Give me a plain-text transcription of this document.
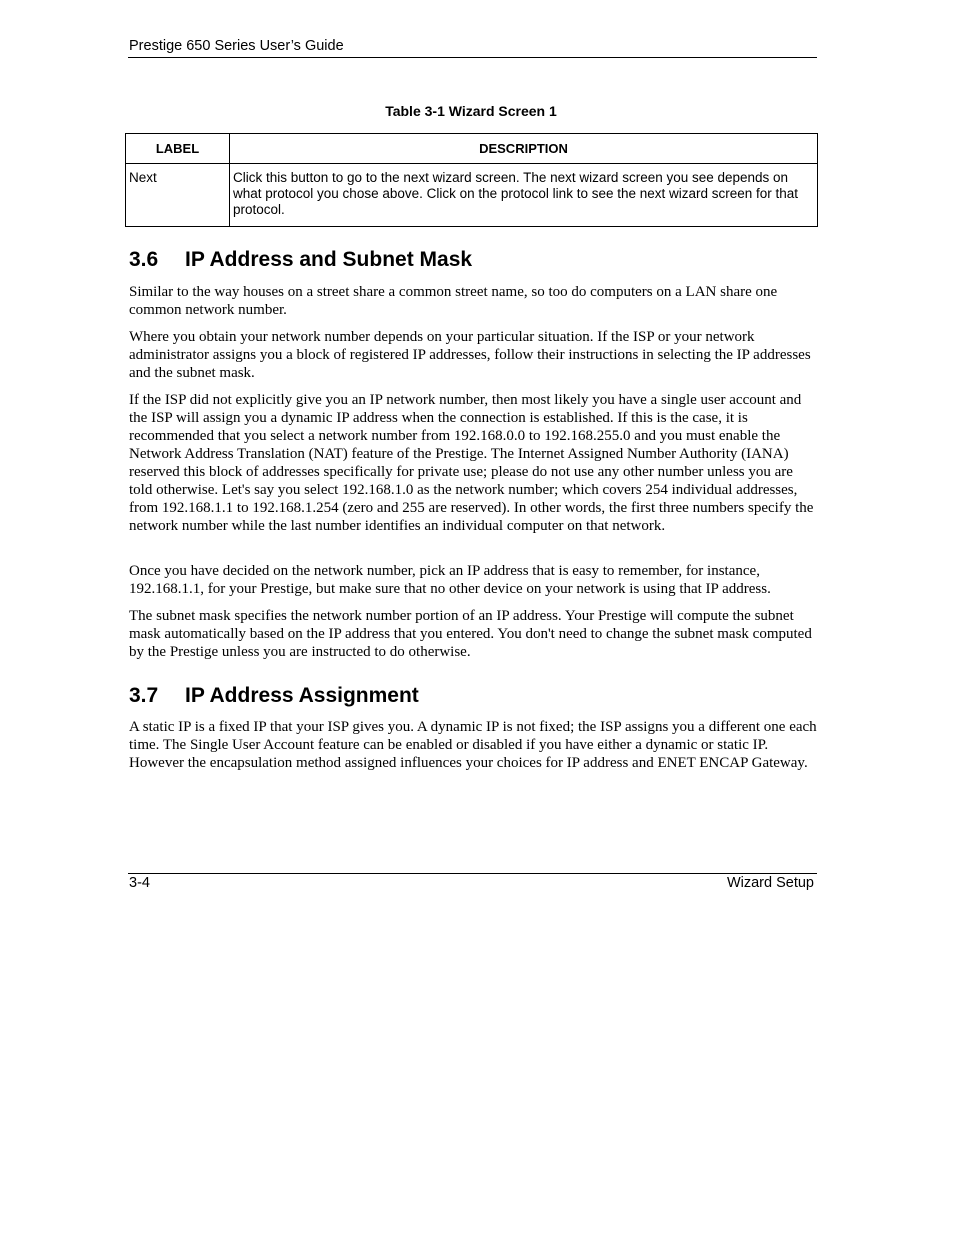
Prestige 650 Series User’s Guide
Table 3-1 Wizard Screen 1
LABEL	DESCRIPTION
Next	Click this button to go to the next wizard screen. The next wizard screen you see depends on what protocol you chose above. Click on the protocol link to see the next wizard screen for that protocol.
3.6 IP Address and Subnet Mask

Similar to the way houses on a street share a common street name, so too do computers on a LAN share one common network number.

Where you obtain your network number depends on your particular situation. If the ISP or your network administrator assigns you a block of registered IP addresses, follow their instructions in selecting the IP addresses and the subnet mask.

If the ISP did not explicitly give you an IP network number, then most likely you have a single user account and the ISP will assign you a dynamic IP address when the connection is established. If this is the case, it is recommended that you select a network number from 192.168.0.0 to 192.168.255.0 and you must enable the Network Address Translation (NAT) feature of the Prestige. The Internet Assigned Number Authority (IANA) reserved this block of addresses specifically for private use; please do not use any other number unless you are told otherwise. Let's say you select 192.168.1.0 as the network number; which covers 254 individual addresses, from 192.168.1.1 to 192.168.1.254 (zero and 255 are reserved). In other words, the first three numbers specify the network number while the last number identifies an individual computer on that network.

Once you have decided on the network number, pick an IP address that is easy to remember, for instance, 192.168.1.1, for your Prestige, but make sure that no other device on your network is using that IP address.

The subnet mask specifies the network number portion of an IP address. Your Prestige will compute the subnet mask automatically based on the IP address that you entered. You don't need to change the subnet mask computed by the Prestige unless you are instructed to do otherwise.

3.7 IP Address Assignment

A static IP is a fixed IP that your ISP gives you. A dynamic IP is not fixed; the ISP assigns you a different one each time. The Single User Account feature can be enabled or disabled if you have either a dynamic or static IP. However the encapsulation method assigned influences your choices for IP address and ENET ENCAP Gateway.

3-4	Wizard Setup
